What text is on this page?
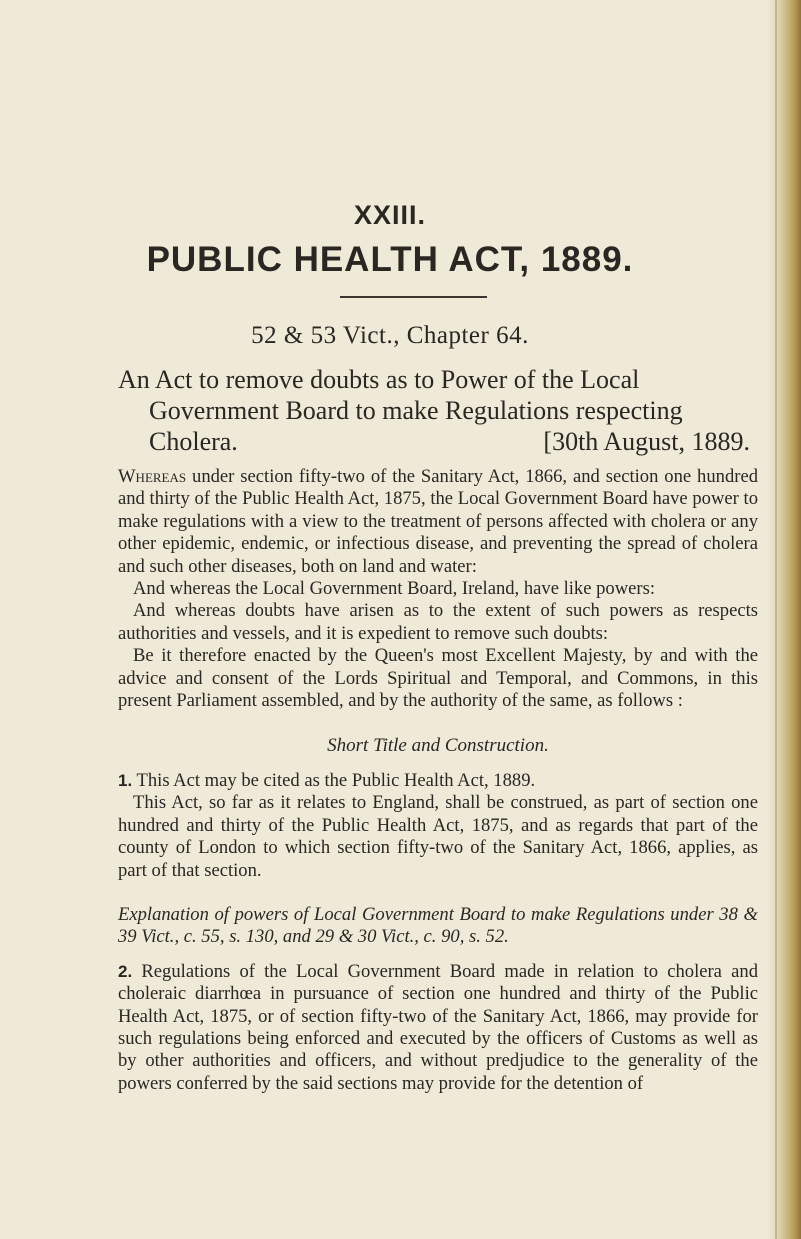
XXIII.
PUBLIC HEALTH ACT, 1889.
52 & 53 Vict., Chapter 64.
An Act to remove doubts as to Power of the Local
Government Board to make Regulations respecting
Cholera.	[30th August, 1889.

Whereas under section fifty-two of the Sanitary Act, 1866, and section one hundred and thirty of the Public Health Act, 1875, the Local Government Board have power to make regulations with a view to the treatment of persons affected with cholera or any other epidemic, endemic, or infectious disease, and preventing the spread of cholera and such other diseases, both on land and water:

And whereas the Local Government Board, Ireland, have like powers:

And whereas doubts have arisen as to the extent of such powers as respects authorities and vessels, and it is expedient to remove such doubts:

Be it therefore enacted by the Queen's most Excellent Majesty, by and with the advice and consent of the Lords Spiritual and Temporal, and Commons, in this present Parliament assembled, and by the authority of the same, as follows :

Short Title and Construction.

1. This Act may be cited as the Public Health Act, 1889.

This Act, so far as it relates to England, shall be construed, as part of section one hundred and thirty of the Public Health Act, 1875, and as regards that part of the county of London to which section fifty-two of the Sanitary Act, 1866, applies, as part of that section.

Explanation of powers of Local Government Board to make Regulations under 38 & 39 Vict., c. 55, s. 130, and 29 & 30 Vict., c. 90, s. 52.

2. Regulations of the Local Government Board made in relation to cholera and choleraic diarrhœa in pursuance of section one hundred and thirty of the Public Health Act, 1875, or of section fifty-two of the Sanitary Act, 1866, may provide for such regulations being enforced and executed by the officers of Customs as well as by other authorities and officers, and without predjudice to the generality of the powers conferred by the said sections may provide for the detention of
